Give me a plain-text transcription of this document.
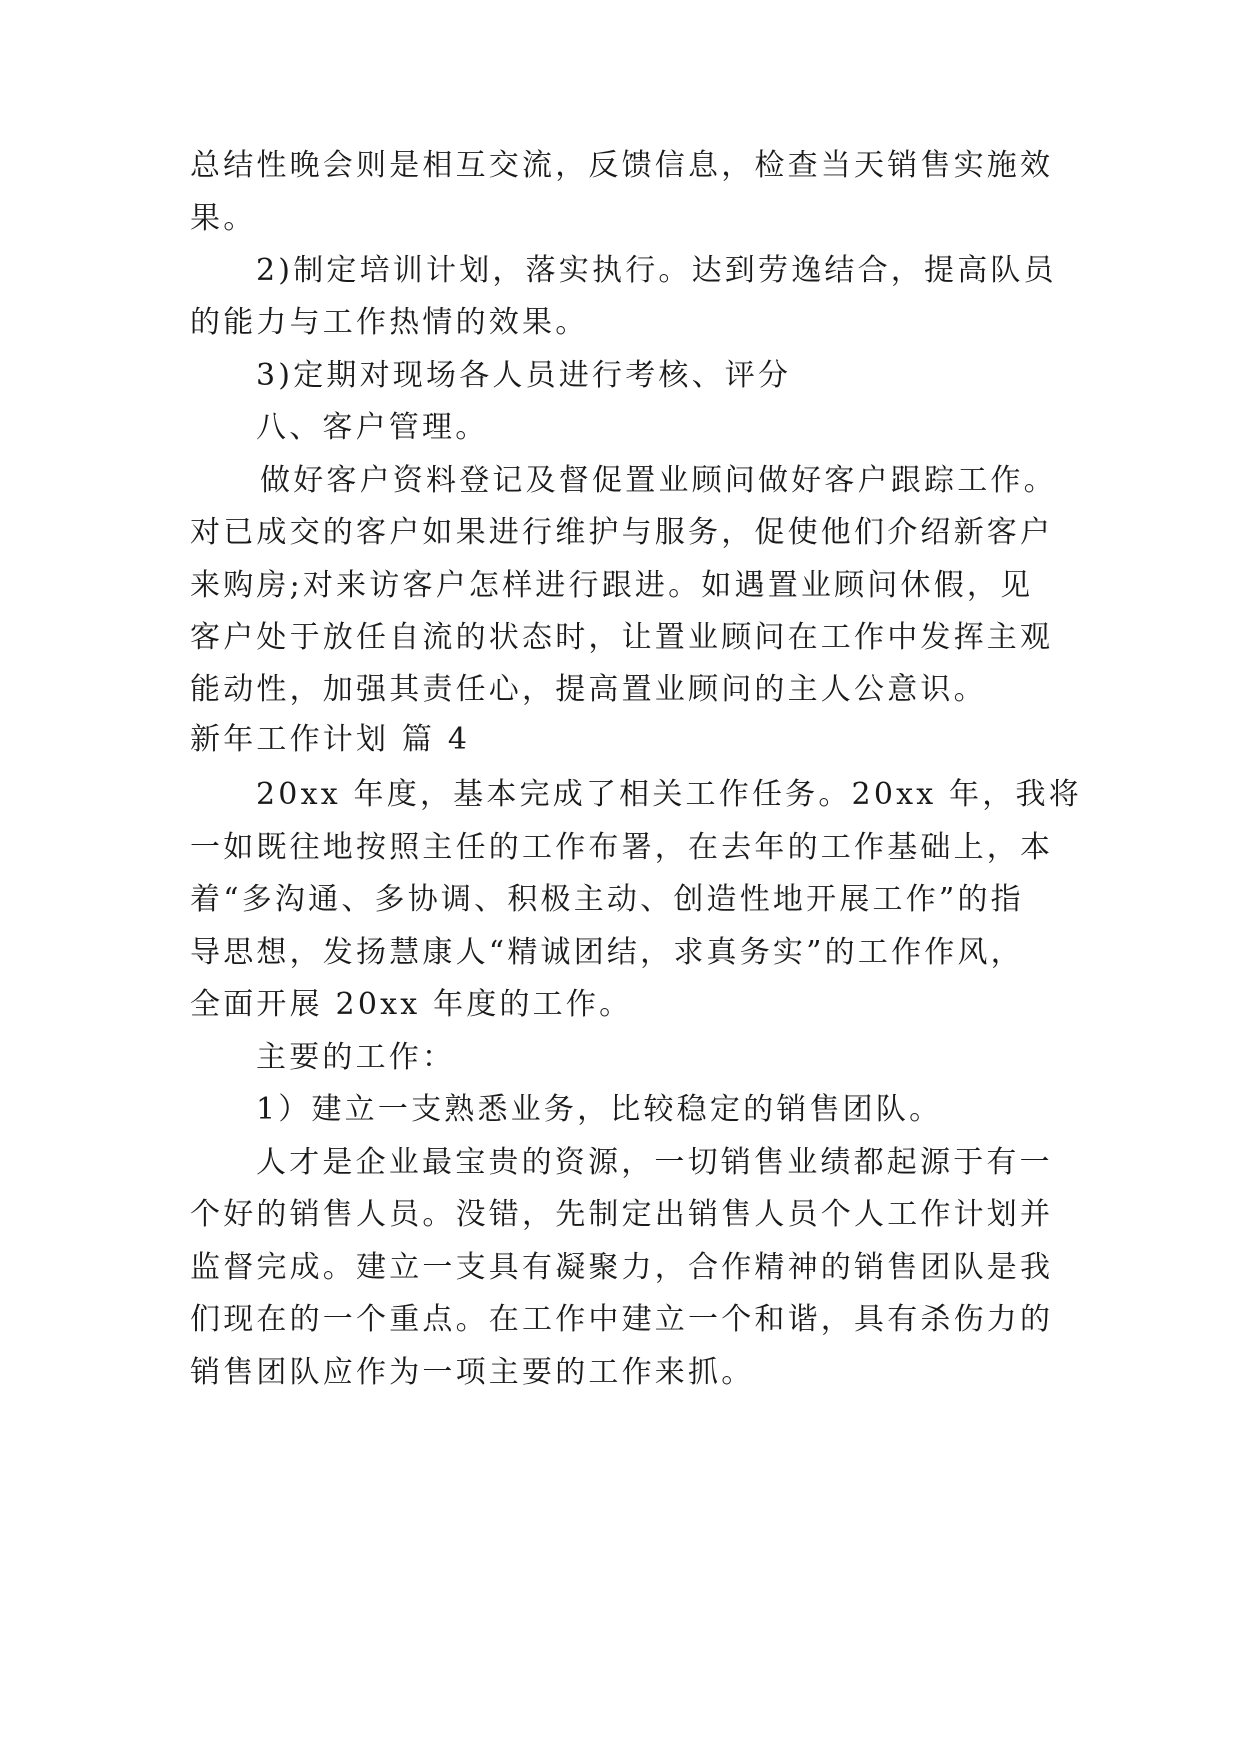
总结性晚会则是相互交流，反馈信息，检查当天销售实施效
果。
2)制定培训计划，落实执行。达到劳逸结合，提高队员
的能力与工作热情的效果。
3)定期对现场各人员进行考核、评分
八、客户管理。
做好客户资料登记及督促置业顾问做好客户跟踪工作。
对已成交的客户如果进行维护与服务，促使他们介绍新客户
来购房;对来访客户怎样进行跟进。如遇置业顾问休假，见
客户处于放任自流的状态时，让置业顾问在工作中发挥主观
能动性，加强其责任心，提高置业顾问的主人公意识。
新年工作计划 篇 4
20xx 年度，基本完成了相关工作任务。20xx 年，我将
一如既往地按照主任的工作布署，在去年的工作基础上，本
着“多沟通、多协调、积极主动、创造性地开展工作”的指
导思想，发扬慧康人“精诚团结，求真务实”的工作作风，
全面开展 20xx 年度的工作。
主要的工作：
1）建立一支熟悉业务，比较稳定的销售团队。
人才是企业最宝贵的资源，一切销售业绩都起源于有一
个好的销售人员。没错，先制定出销售人员个人工作计划并
监督完成。建立一支具有凝聚力，合作精神的销售团队是我
们现在的一个重点。在工作中建立一个和谐，具有杀伤力的
销售团队应作为一项主要的工作来抓。
